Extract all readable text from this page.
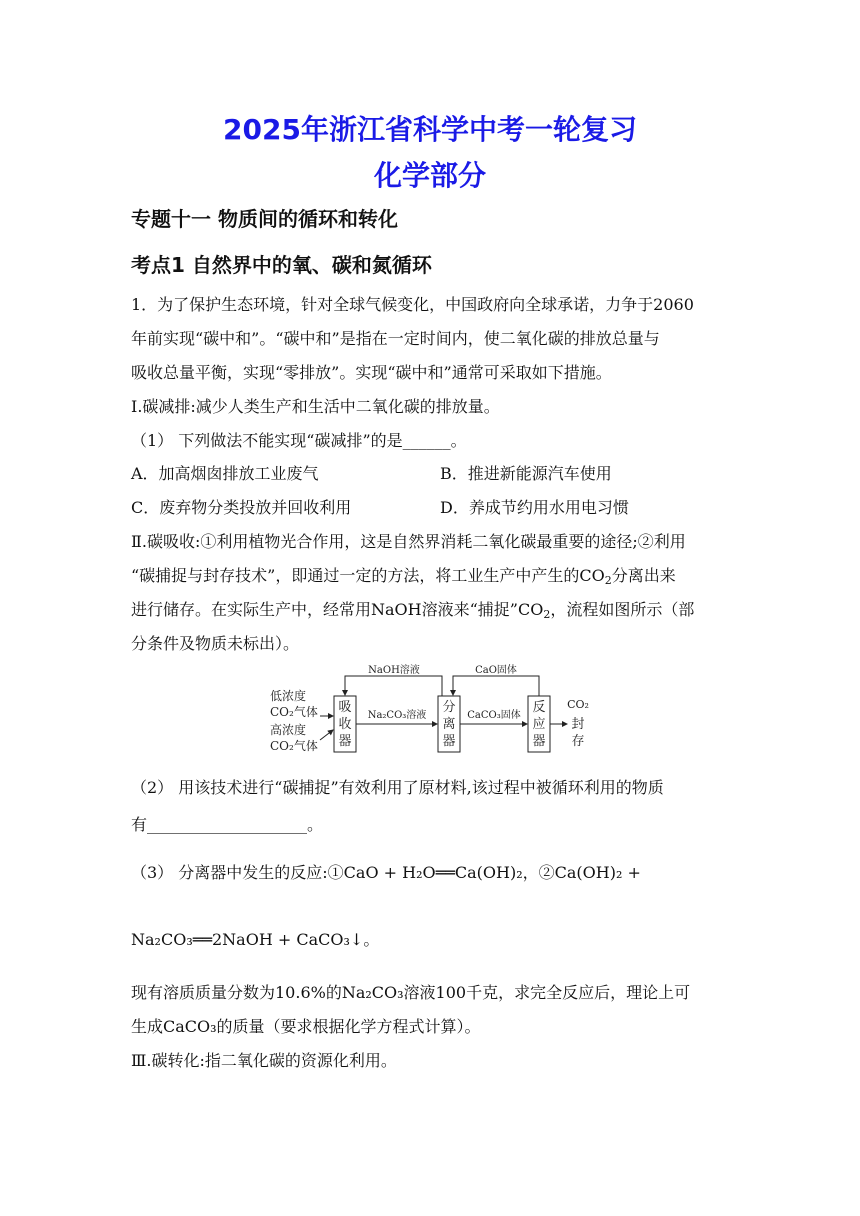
2025年浙江省科学中考一轮复习
化学部分
专题十一 物质间的循环和转化
考点1 自然界中的氧、碳和氮循环
1．为了保护生态环境，针对全球气候变化，中国政府向全球承诺，力争于2060
年前实现“碳中和”。“碳中和”是指在一定时间内，使二氧化碳的排放总量与
吸收总量平衡，实现“零排放”。实现“碳中和”通常可采取如下措施。
Ⅰ.碳减排:减少人类生产和生活中二氧化碳的排放量。
（1） 下列做法不能实现“碳减排”的是______。
A．加高烟囱排放工业废气	B．推进新能源汽车使用
C．废弃物分类投放并回收利用	D．养成节约用水用电习惯
Ⅱ.碳吸收:①利用植物光合作用，这是自然界消耗二氧化碳最重要的途径;②利用
“碳捕捉与封存技术”，即通过一定的方法，将工业生产中产生的$CO_2$分离出来
进行储存。在实际生产中，经常用NaOH溶液来“捕捉$”CO_2$，流程如图所示（部
分条件及物质未标出）。
低浓度
CO₂气体
高浓度
CO₂气体
吸
收
器
分
离
器
反
应
器
Na₂CO₃溶液	CaCO₃固体
NaOH溶液	CaO固体
CO₂
封
存
（2） 用该技术进行“碳捕捉”有效利用了原材料,该过程中被循环利用的物质
有____________________。
（3） 分离器中发生的反应:①CaO + H₂O══Ca(OH)₂，②Ca(OH)₂ +
Na₂CO₃══2NaOH + CaCO₃↓。
现有溶质质量分数为10.6%的Na₂CO₃溶液100千克，求完全反应后，理论上可
生成CaCO₃的质量（要求根据化学方程式计算）。
Ⅲ.碳转化:指二氧化碳的资源化利用。
